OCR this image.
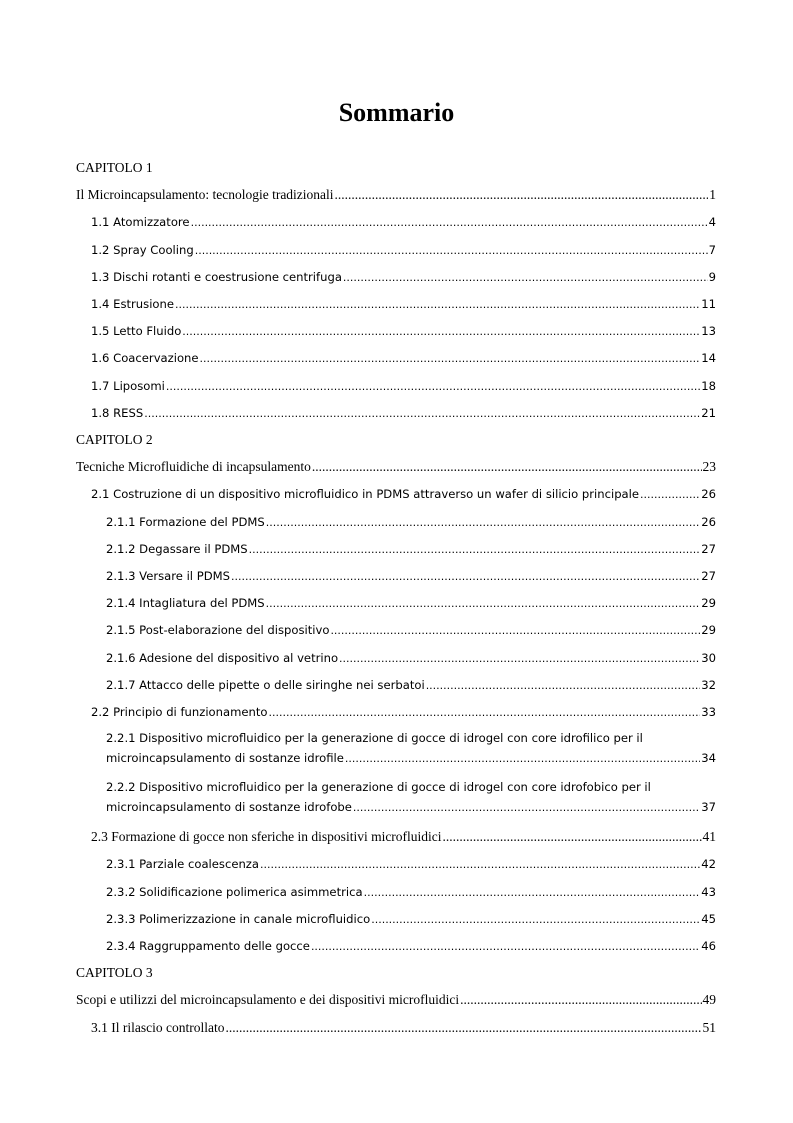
Sommario
CAPITOLO 1
Il Microincapsulamento: tecnologie tradizionali .....	1
1.1 Atomizzatore .....	4
1.2 Spray Cooling .....	7
1.3 Dischi rotanti e coestrusione centrifuga .....	9
1.4 Estrusione .....	11
1.5 Letto Fluido .....	13
1.6 Coacervazione .....	14
1.7 Liposomi .....	18
1.8 RESS .....	21
CAPITOLO 2
Tecniche Microfluidiche di incapsulamento .....	23
2.1 Costruzione di un dispositivo microfluidico in PDMS attraverso un wafer di silicio principale .....	26
2.1.1 Formazione del PDMS .....	26
2.1.2 Degassare il PDMS .....	27
2.1.3 Versare il PDMS .....	27
2.1.4 Intagliatura del PDMS .....	29
2.1.5 Post-elaborazione del dispositivo .....	29
2.1.6 Adesione del dispositivo al vetrino .....	30
2.1.7 Attacco delle pipette o delle siringhe nei serbatoi .....	32
2.2 Principio di funzionamento .....	33
2.2.1 Dispositivo microfluidico per la generazione di gocce di idrogel con core idrofilico per il
microincapsulamento di sostanze idrofile .....	34
2.2.2 Dispositivo microfluidico per la generazione di gocce di idrogel con core idrofobico per il
microincapsulamento di sostanze idrofobe .....	37
2.3 Formazione di gocce non sferiche in dispositivi microfluidici .....	41
2.3.1 Parziale coalescenza .....	42
2.3.2 Solidificazione polimerica asimmetrica .....	43
2.3.3 Polimerizzazione in canale microfluidico .....	45
2.3.4 Raggruppamento delle gocce .....	46
CAPITOLO 3
Scopi e utilizzi del microincapsulamento e dei dispositivi microfluidici .....	49
3.1 Il rilascio controllato .....	51
